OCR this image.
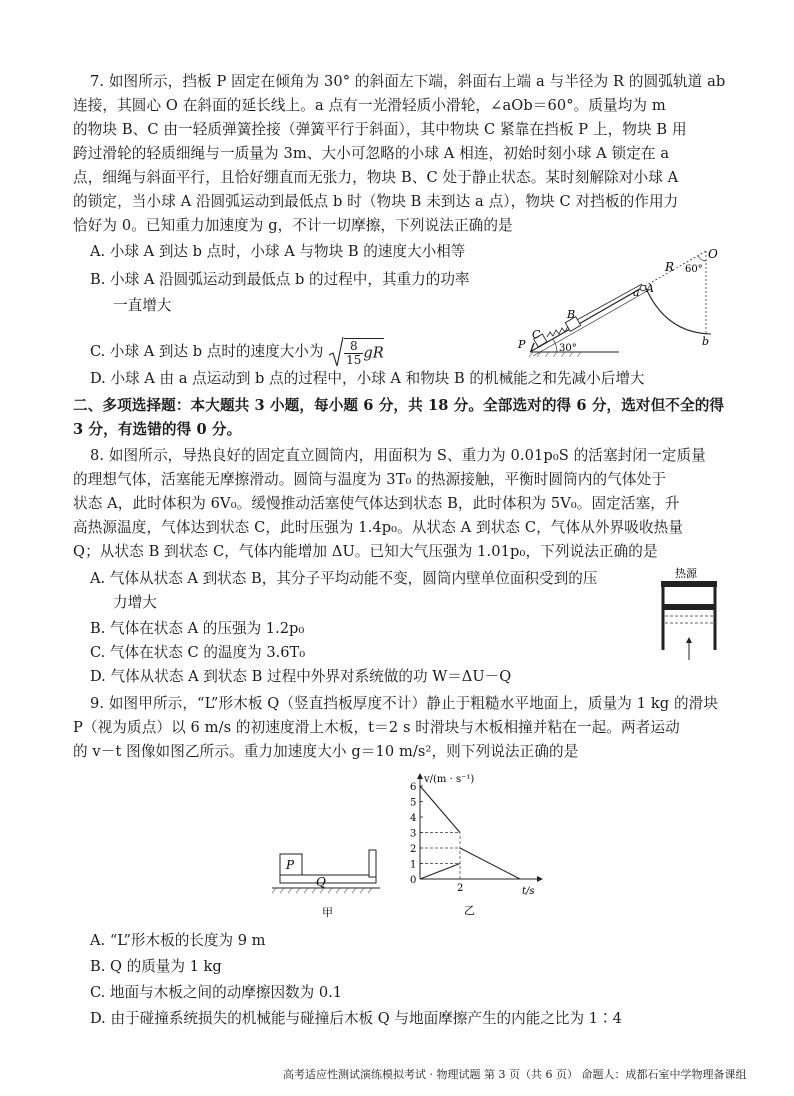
7. 如图所示，挡板 P 固定在倾角为 30° 的斜面左下端，斜面右上端 a 与半径为 R 的圆弧轨道 ab
连接，其圆心 O 在斜面的延长线上。a 点有一光滑轻质小滑轮，∠aOb＝60°。质量均为 m
的物块 B、C 由一轻质弹簧拴接（弹簧平行于斜面），其中物块 C 紧靠在挡板 P 上，物块 B 用
跨过滑轮的轻质细绳与一质量为 3m、大小可忽略的小球 A 相连，初始时刻小球 A 锁定在 a
点，细绳与斜面平行，且恰好绷直而无张力，物块 B、C 处于静止状态。某时刻解除对小球 A
的锁定，当小球 A 沿圆弧运动到最低点 b 时（物块 B 未到达 a 点），物块 C 对挡板的作用力
恰好为 0。已知重力加速度为 g，不计一切摩擦，下列说法正确的是
A. 小球 A 到达 b 点时，小球 A 与物块 B 的速度大小相等
B. 小球 A 沿圆弧运动到最低点 b 的过程中，其重力的功率
一直增大
C. 小球 A 到达 b 点时的速度大小为 $\frac{8}{15}$ gR
D. 小球 A 由 a 点运动到 b 点的过程中，小球 A 和物块 B 的机械能之和先减小后增大
O
R 60°
a A
b
B
C
P	30°
二、多项选择题：本大题共 3 小题，每小题 6 分，共 18 分。全部选对的得 6 分，选对但不全的得
3 分，有选错的得 0 分。
8. 如图所示，导热良好的固定直立圆筒内，用面积为 S、重力为 0.01p₀S 的活塞封闭一定质量
的理想气体，活塞能无摩擦滑动。圆筒与温度为 3T₀ 的热源接触，平衡时圆筒内的气体处于
状态 A，此时体积为 6V₀。缓慢推动活塞使气体达到状态 B，此时体积为 5V₀。固定活塞，升
高热源温度，气体达到状态 C，此时压强为 1.4p₀。从状态 A 到状态 C，气体从外界吸收热量
Q；从状态 B 到状态 C，气体内能增加 ΔU。已知大气压强为 1.01p₀，下列说法正确的是
A. 气体从状态 A 到状态 B，其分子平均动能不变，圆筒内壁单位面积受到的压
力增大
B. 气体在状态 A 的压强为 1.2p₀
C. 气体在状态 C 的温度为 3.6T₀
D. 气体从状态 A 到状态 B 过程中外界对系统做的功 W＝ΔU－Q
热源
9. 如图甲所示，“L”形木板 Q（竖直挡板厚度不计）静止于粗糙水平地面上，质量为 1 kg 的滑块
P（视为质点）以 6 m/s 的初速度滑上木板，t＝2 s 时滑块与木板相撞并粘在一起。两者运动
的 v－t 图像如图乙所示。重力加速度大小 g＝10 m/s²，则下列说法正确的是
P
Q
甲
v/(m · s⁻¹)
t/s
乙
0
1
2
3
4
5
6
2
A. “L”形木板的长度为 9 m
B. Q 的质量为 1 kg
C. 地面与木板之间的动摩擦因数为 0.1
D. 由于碰撞系统损失的机械能与碰撞后木板 Q 与地面摩擦产生的内能之比为 1∶4
高考适应性测试演练模拟考试 · 物理试题 第 3 页（共 6 页） 命题人：成都石室中学物理备课组
